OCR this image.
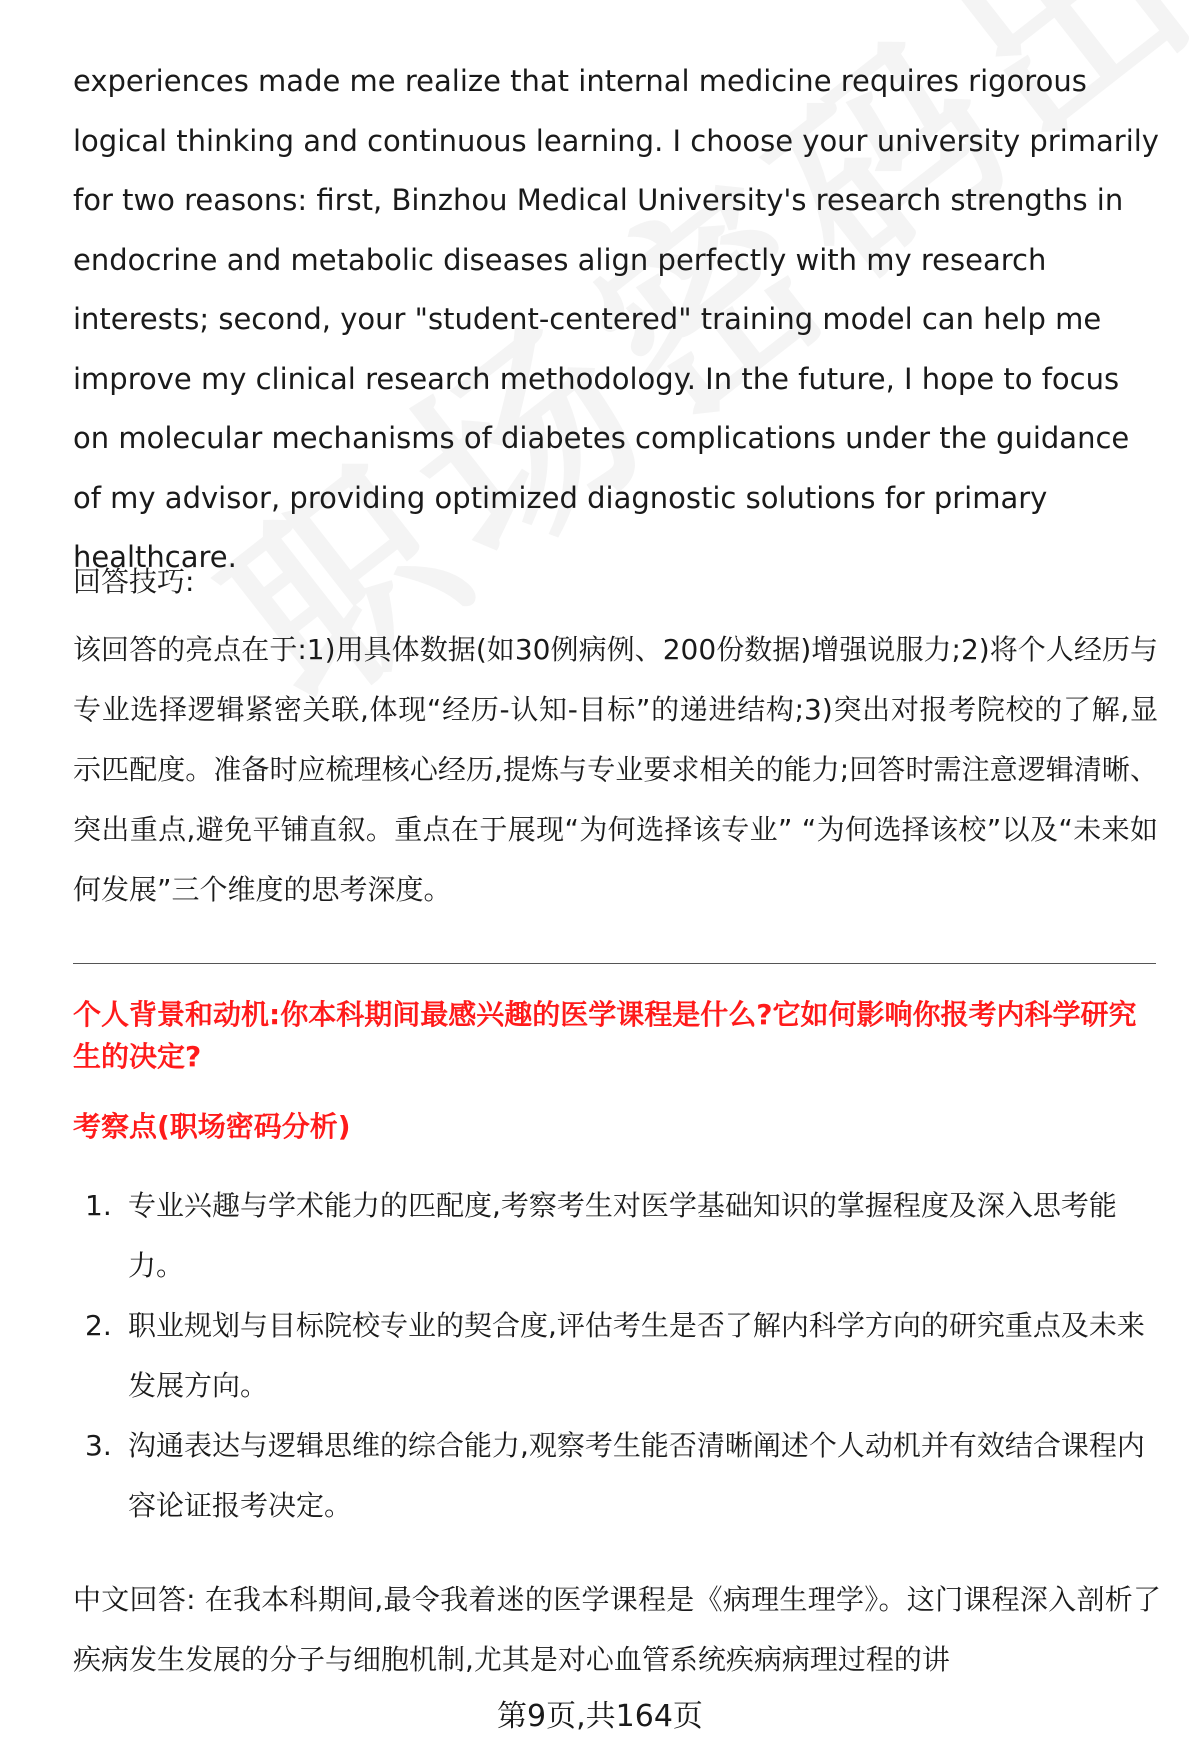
experiences made me realize that internal medicine requires rigorous logical thinking and continuous learning. I choose your university primarily for two reasons: first, Binzhou Medical University's research strengths in endocrine and metabolic diseases align perfectly with my research interests; second, your "student-centered" training model can help me improve my clinical research methodology. In the future, I hope to focus on molecular mechanisms of diabetes complications under the guidance of my advisor, providing optimized diagnostic solutions for primary healthcare.

回答技巧:

该回答的亮点在于:1)用具体数据(如30例病例、200份数据)增强说服力;2)将个人经历与专业选择逻辑紧密关联,体现“经历-认知-目标”的递进结构;3)突出对报考院校的了解,显示匹配度。准备时应梳理核心经历,提炼与专业要求相关的能力;回答时需注意逻辑清晰、突出重点,避免平铺直叙。重点在于展现“为何选择该专业” “为何选择该校”以及“未来如何发展”三个维度的思考深度。

个人背景和动机:你本科期间最感兴趣的医学课程是什么?它如何影响你报考内科学研究生的决定?

考察点(职场密码分析)

1. 专业兴趣与学术能力的匹配度,考察考生对医学基础知识的掌握程度及深入思考能力。
2. 职业规划与目标院校专业的契合度,评估考生是否了解内科学方向的研究重点及未来发展方向。
3. 沟通表达与逻辑思维的综合能力,观察考生能否清晰阐述个人动机并有效结合课程内容论证报考决定。

中文回答: 在我本科期间,最令我着迷的医学课程是《病理生理学》。这门课程深入剖析了疾病发生发展的分子与细胞机制,尤其是对心血管系统疾病病理过程的讲

第9页,共164页
